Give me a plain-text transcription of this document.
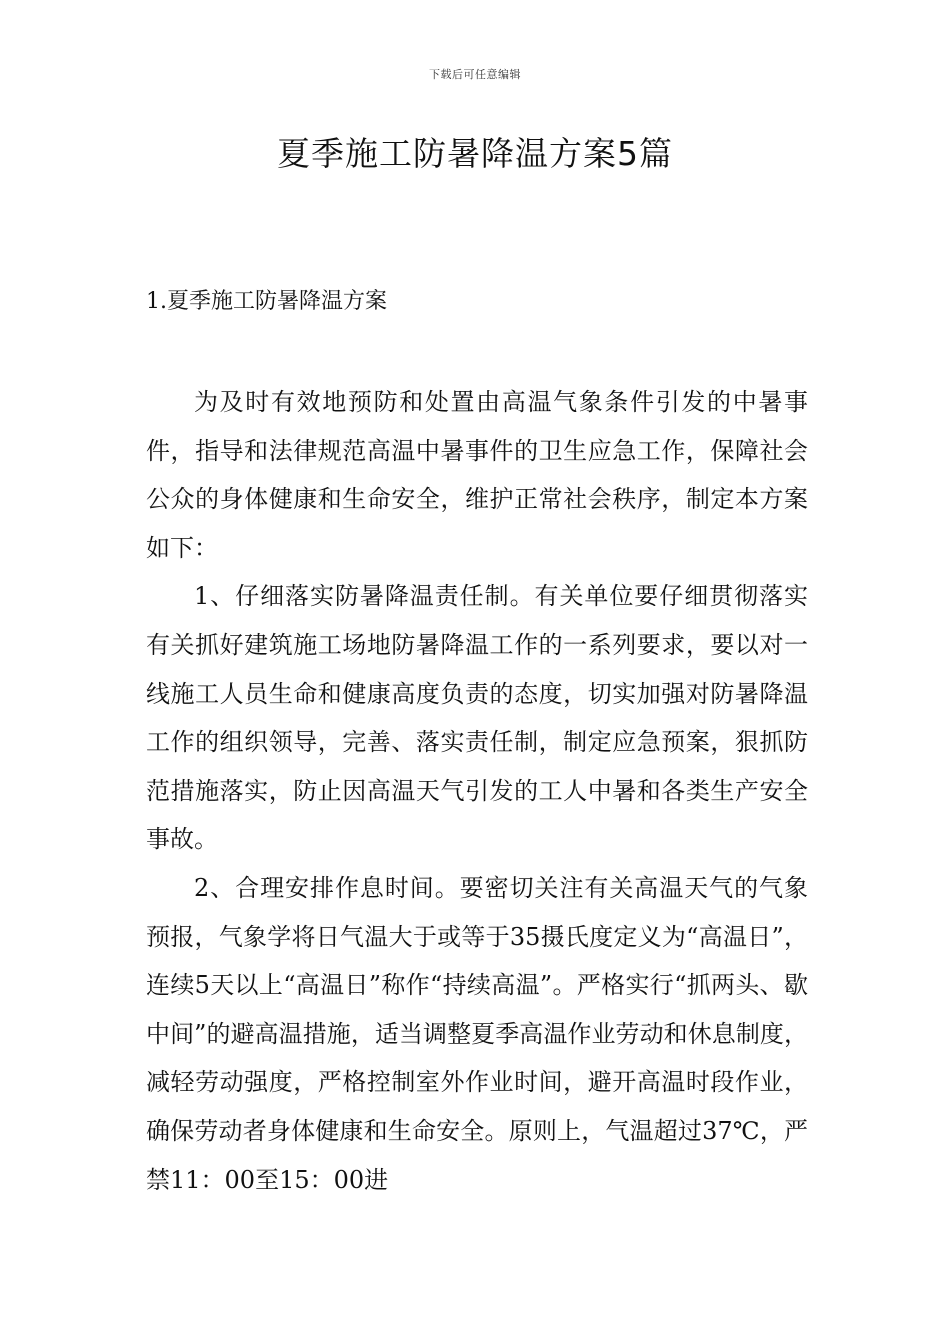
下载后可任意编辑
夏季施工防暑降温方案5篇
1.夏季施工防暑降温方案

为及时有效地预防和处置由高温气象条件引发的中暑事件，指导和法律规范高温中暑事件的卫生应急工作，保障社会公众的身体健康和生命安全，维护正常社会秩序，制定本方案如下：

1、仔细落实防暑降温责任制。有关单位要仔细贯彻落实有关抓好建筑施工场地防暑降温工作的一系列要求，要以对一线施工人员生命和健康高度负责的态度，切实加强对防暑降温工作的组织领导，完善、落实责任制，制定应急预案，狠抓防范措施落实，防止因高温天气引发的工人中暑和各类生产安全事故。

2、合理安排作息时间。要密切关注有关高温天气的气象预报，气象学将日气温大于或等于35摄氏度定义为“高温日”，连续5天以上“高温日”称作“持续高温”。严格实行“抓两头、歇中间”的避高温措施，适当调整夏季高温作业劳动和休息制度，减轻劳动强度，严格控制室外作业时间，避开高温时段作业，确保劳动者身体健康和生命安全。原则上，气温超过37℃，严禁11：00至15：00进
